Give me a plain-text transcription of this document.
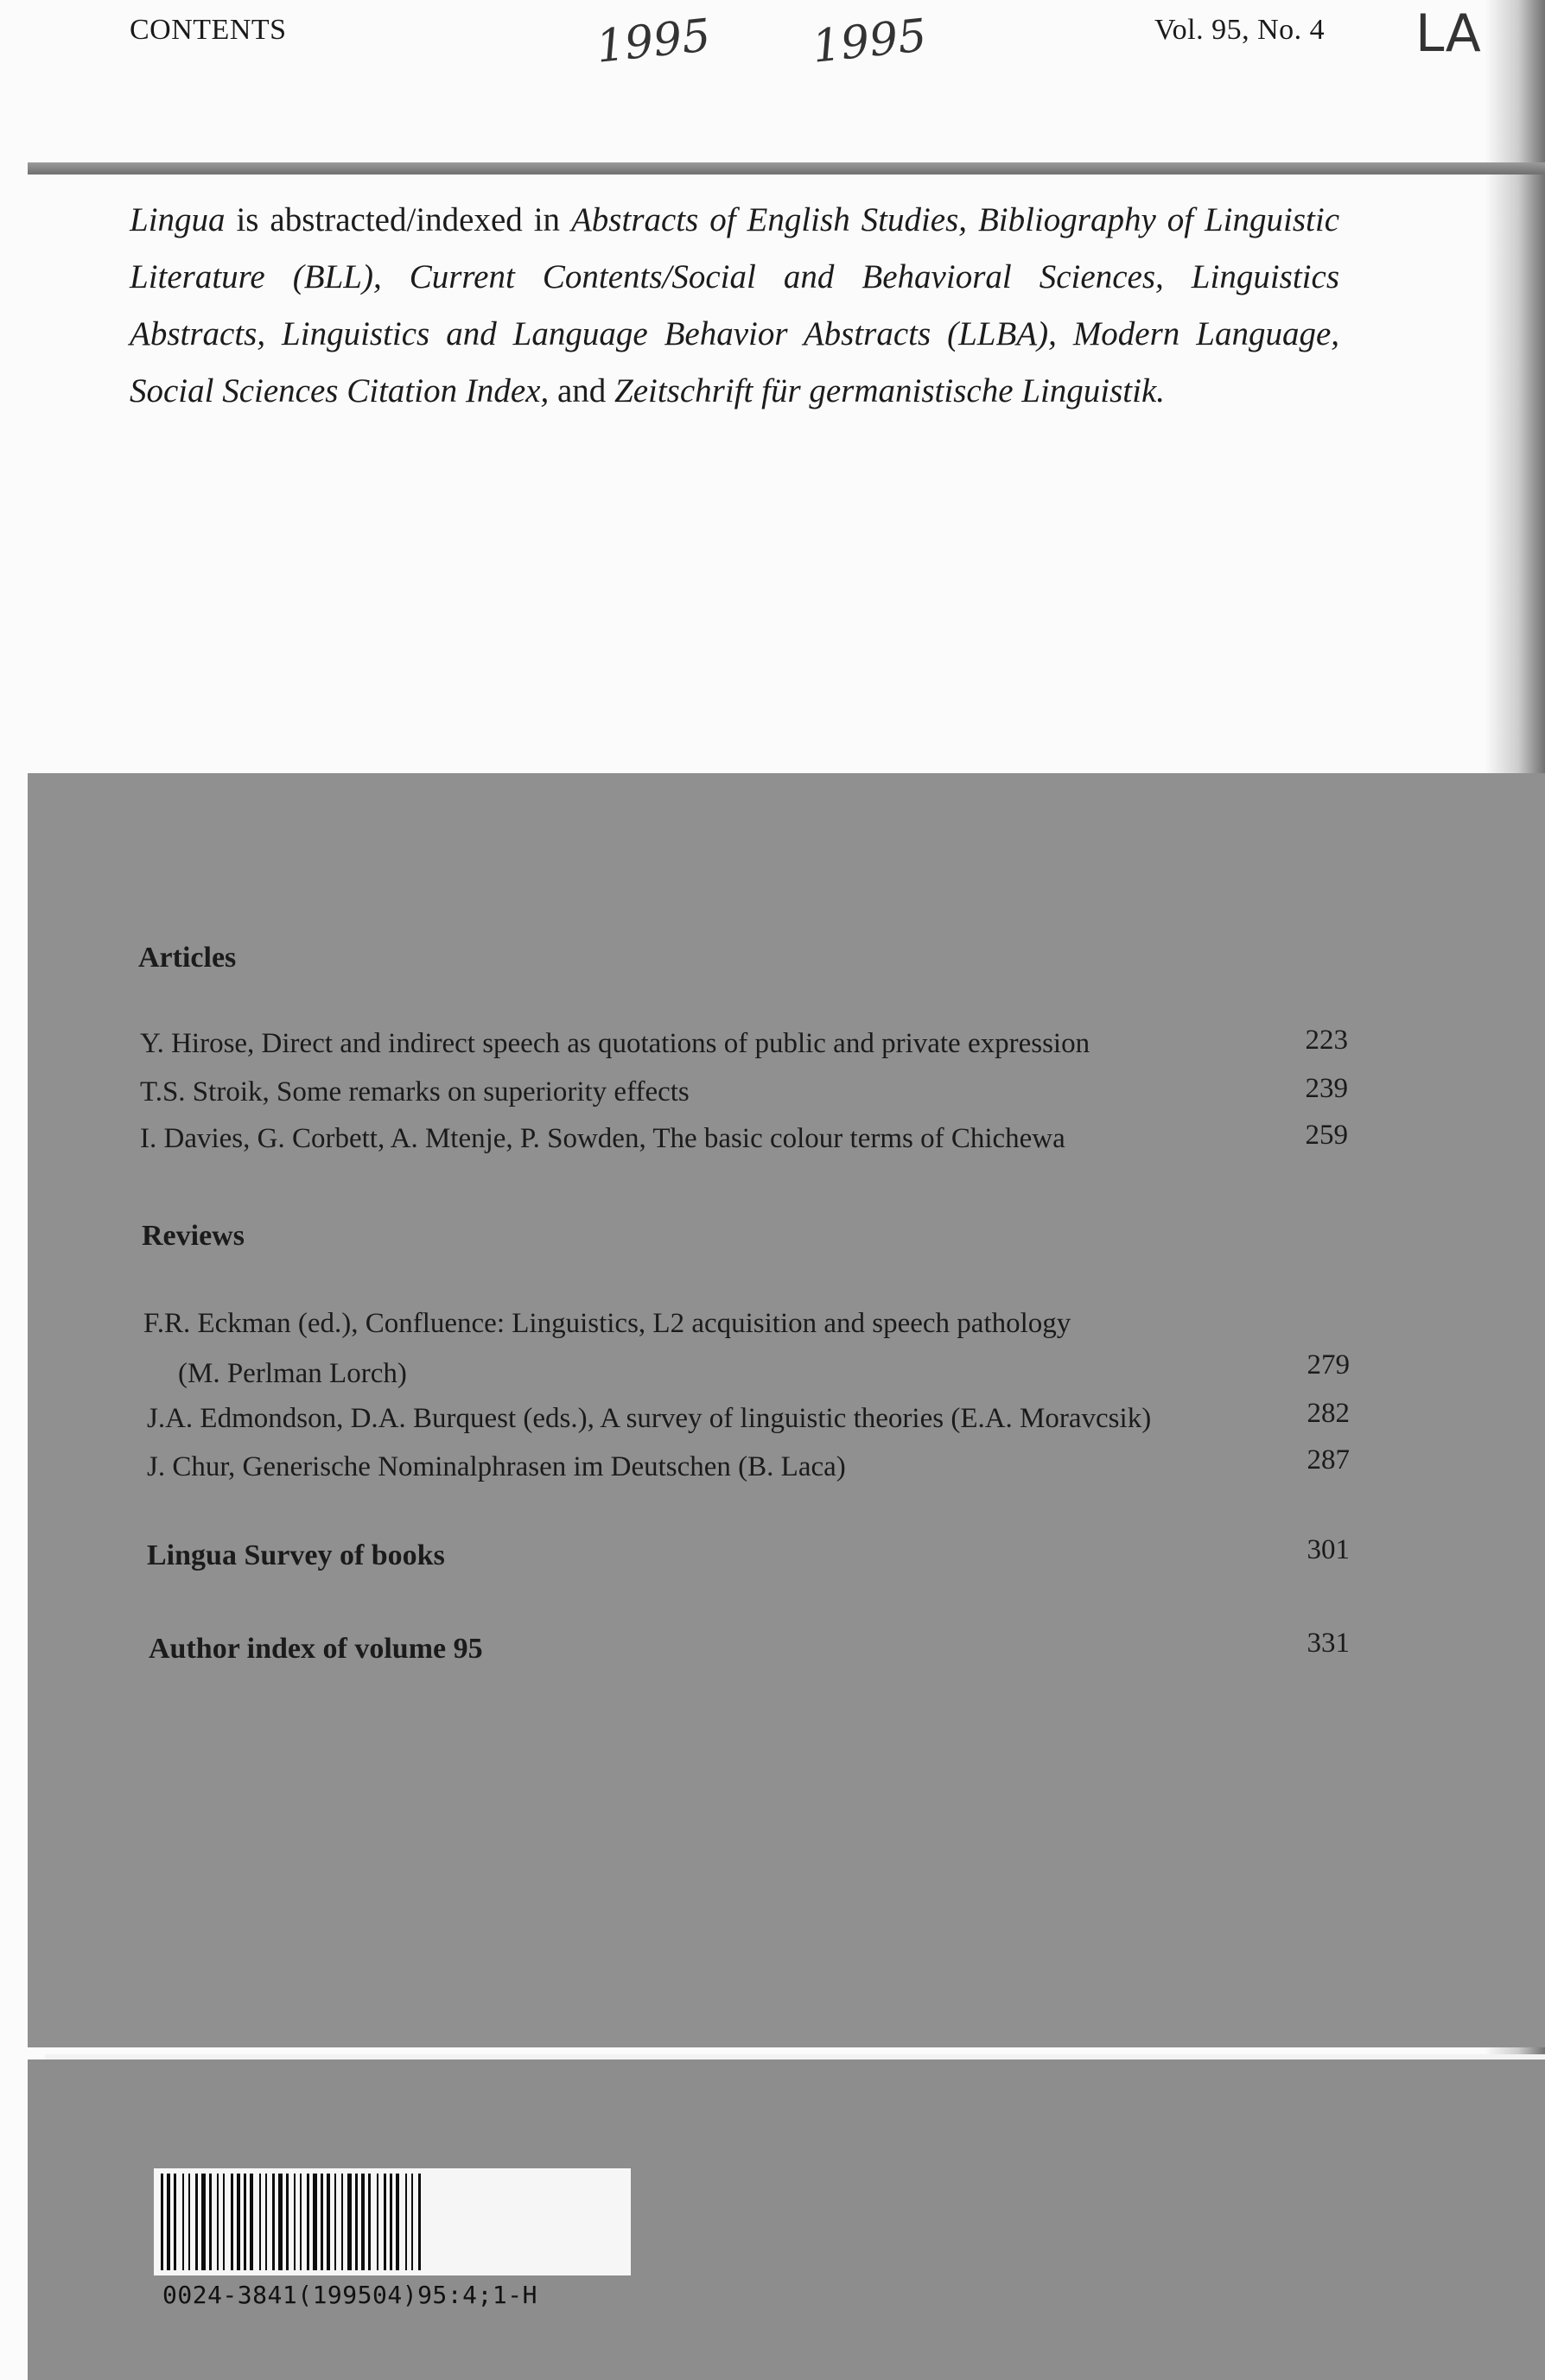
CONTENTS	1995 1995	Vol. 95, No. 4 LA
Lingua is abstracted/indexed in Abstracts of English Studies, Bibliography of Linguistic Literature (BLL), Current Contents/Social and Behavioral Sciences, Linguistics Abstracts, Linguistics and Language Behavior Abstracts (LLBA), Modern Language, Social Sciences Citation Index, and Zeitschrift für germanistische Linguistik.
Articles
Y. Hirose, Direct and indirect speech as quotations of public and private expression	223
T.S. Stroik, Some remarks on superiority effects	239
I. Davies, G. Corbett, A. Mtenje, P. Sowden, The basic colour terms of Chichewa	259
Reviews
F.R. Eckman (ed.), Confluence: Linguistics, L2 acquisition and speech pathology
(M. Perlman Lorch)	279
J.A. Edmondson, D.A. Burquest (eds.), A survey of linguistic theories (E.A. Moravcsik)	282
J. Chur, Generische Nominalphrasen im Deutschen (B. Laca)	287
Lingua Survey of books	301
Author index of volume 95	331
0024-3841(199504)95:4;1-H
